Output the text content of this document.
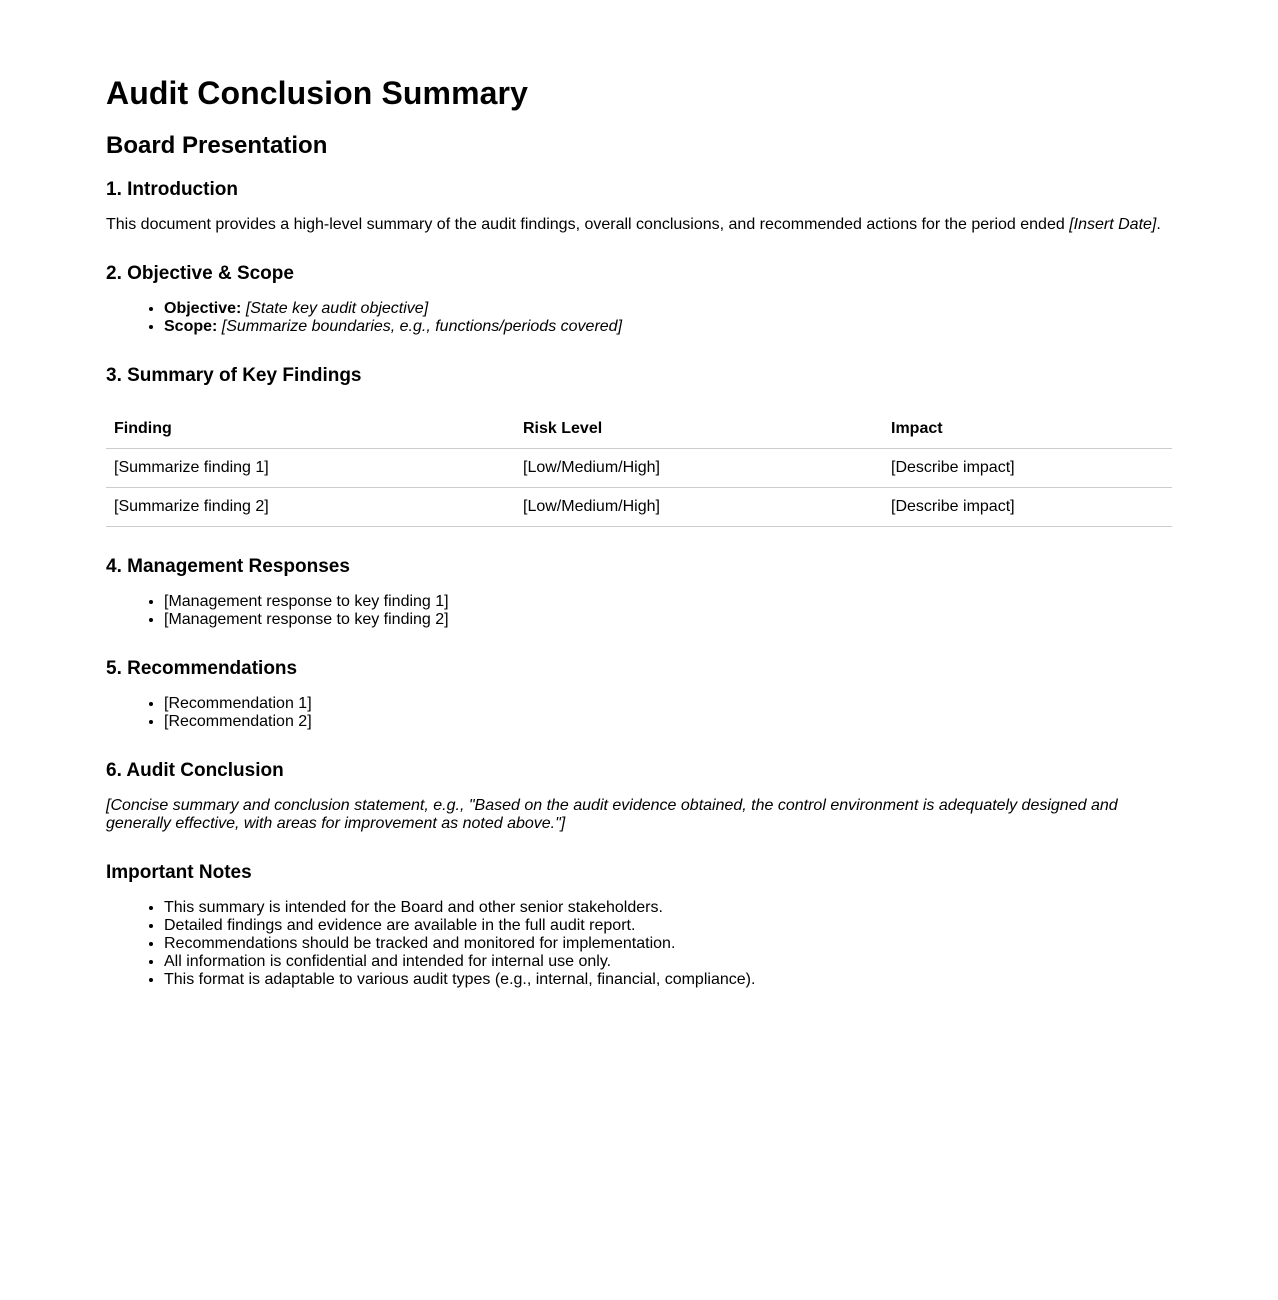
Audit Conclusion Summary
Board Presentation
1. Introduction

This document provides a high-level summary of the audit findings, overall conclusions, and recommended actions for the period ended [Insert Date].

2. Objective & Scope
• Objective: [State key audit objective]
• Scope: [Summarize boundaries, e.g., functions/periods covered]
3. Summary of Key Findings
Finding	Risk Level	Impact
[Summarize finding 1]	[Low/Medium/High]	[Describe impact]
[Summarize finding 2]	[Low/Medium/High]	[Describe impact]
4. Management Responses
• [Management response to key finding 1]
• [Management response to key finding 2]
5. Recommendations
• [Recommendation 1]
• [Recommendation 2]
6. Audit Conclusion

[Concise summary and conclusion statement, e.g., "Based on the audit evidence obtained, the control environment is adequately designed and generally effective, with areas for improvement as noted above."]

Important Notes
• This summary is intended for the Board and other senior stakeholders.
• Detailed findings and evidence are available in the full audit report.
• Recommendations should be tracked and monitored for implementation.
• All information is confidential and intended for internal use only.
• This format is adaptable to various audit types (e.g., internal, financial, compliance).
